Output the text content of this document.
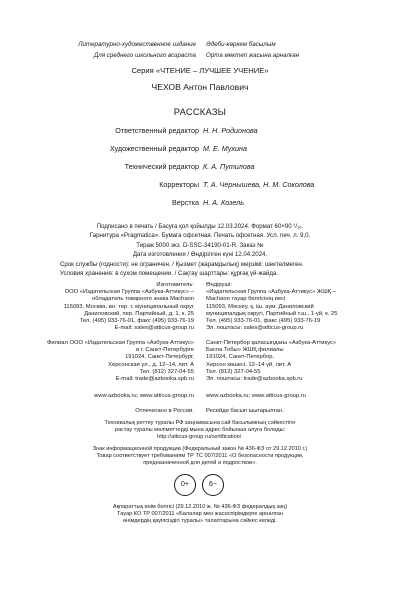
Литературно-художественное издание
Для среднего школьного возраста
Әдеби-көркем басылым
Орта мектеп жасына арналған
Серия «ЧТЕНИЕ – ЛУЧШЕЕ УЧЕНИЕ»
ЧЕХОВ Антон Павлович
РАССКАЗЫ
Ответственный редактор Н. Н. Родионова
Художественный редактор М. Е. Мухина
Технический редактор К. А. Путилова
Корректоры Т. А. Чернышева, Н. М. Соколова
Верстка Н. А. Козель
Подписано в печать / Басуға қол қойылды 12.03.2024. Формат 60×90 ¹/₁₆.
Гарнитура «Pragmatica». Бумага офсетная. Печать офсетная. Усл. печ. л. 9,0.
Тираж 5000 экз. D-SSC-34190-01-R. Заказ №
Дата изготовления / Өндірілген күні 12.04.2024.
Срок службы (годности): не ограничен. / Қызмет (жарамдылық) мерзімі: шектелмеген.
Условия хранения: в сухом помещении. / Сақтау шарттары: құрғақ үй-жайда.
Изготовитель:
ООО «Издательская Группа «Азбука-Аттикус» –
обладатель товарного знака Machaon
115093, Москва, вн. тер. г. муниципальный округ
Даниловский, пер. Партийный, д. 1, к. 25
Тел. (495) 933-76-01, факс (495) 933-76-19
E-mail: sales@atticus-group.ru
Өндіруші:
«Издательская Группа «Азбука-Аттикус» ЖШҚ –
Machaon тауар белгісінің иесі
115093, Мәскеу, қ. іш. аум. Даниловский
муниципалдық округі, Партийный т.ш., 1-үй, к. 25
Тел. (495) 933-76-01, факс (495) 933-76-19
Эл. поштасы: sales@atticus-group.ru
Филиал ООО «Издательская Группа «Азбука-Аттикус»
в г. Санкт-Петербурге
191024, Санкт-Петербург,
Херсонская ул., д. 12–14, лит. А
Тел. (812) 327-04-55
E-mail: trade@azbooka.spb.ru
Санкт-Петербор қаласындағы «Азбука-Аттикус»
Баспа Тобы» ЖШҚ филиалы
191024, Санкт-Петербор,
Херсон көшесі, 12–14 үй, лит. А
Тел. (812) 327-04-55
Эл. поштасы: trade@azbooka.spb.ru
www.azbooka.ru; www.atticus-group.ru www.azbooka.ru; www.atticus-group.ru
Отпечатано в России. Ресейде басып шығарылған.
Техникалық реттеу туралы РФ заңнамасына сай басылымның сәйкестігін
растау туралы мәліметтерді мына адрес бойынша алуға болады:
http://atticus-group.ru/certification/.
Знак информационной продукции (Федеральный закон № 436-ФЗ от 29.12.2010 г.)
Товар соответствует требованиям ТР ТС 007/2011 «О безопасности продукции,
предназначенной для детей и подростков».
0+	6−
Ақпараттық өнім белгісі (29.12.2010 ж. № 436-ФЗ федералдық заң)
Тауар КО ТР 007/2011 «Балалар мен жасөспірімдерге арналған
өнімдердің қауіпсіздігі туралы» талаптарына сәйкес келеді.
